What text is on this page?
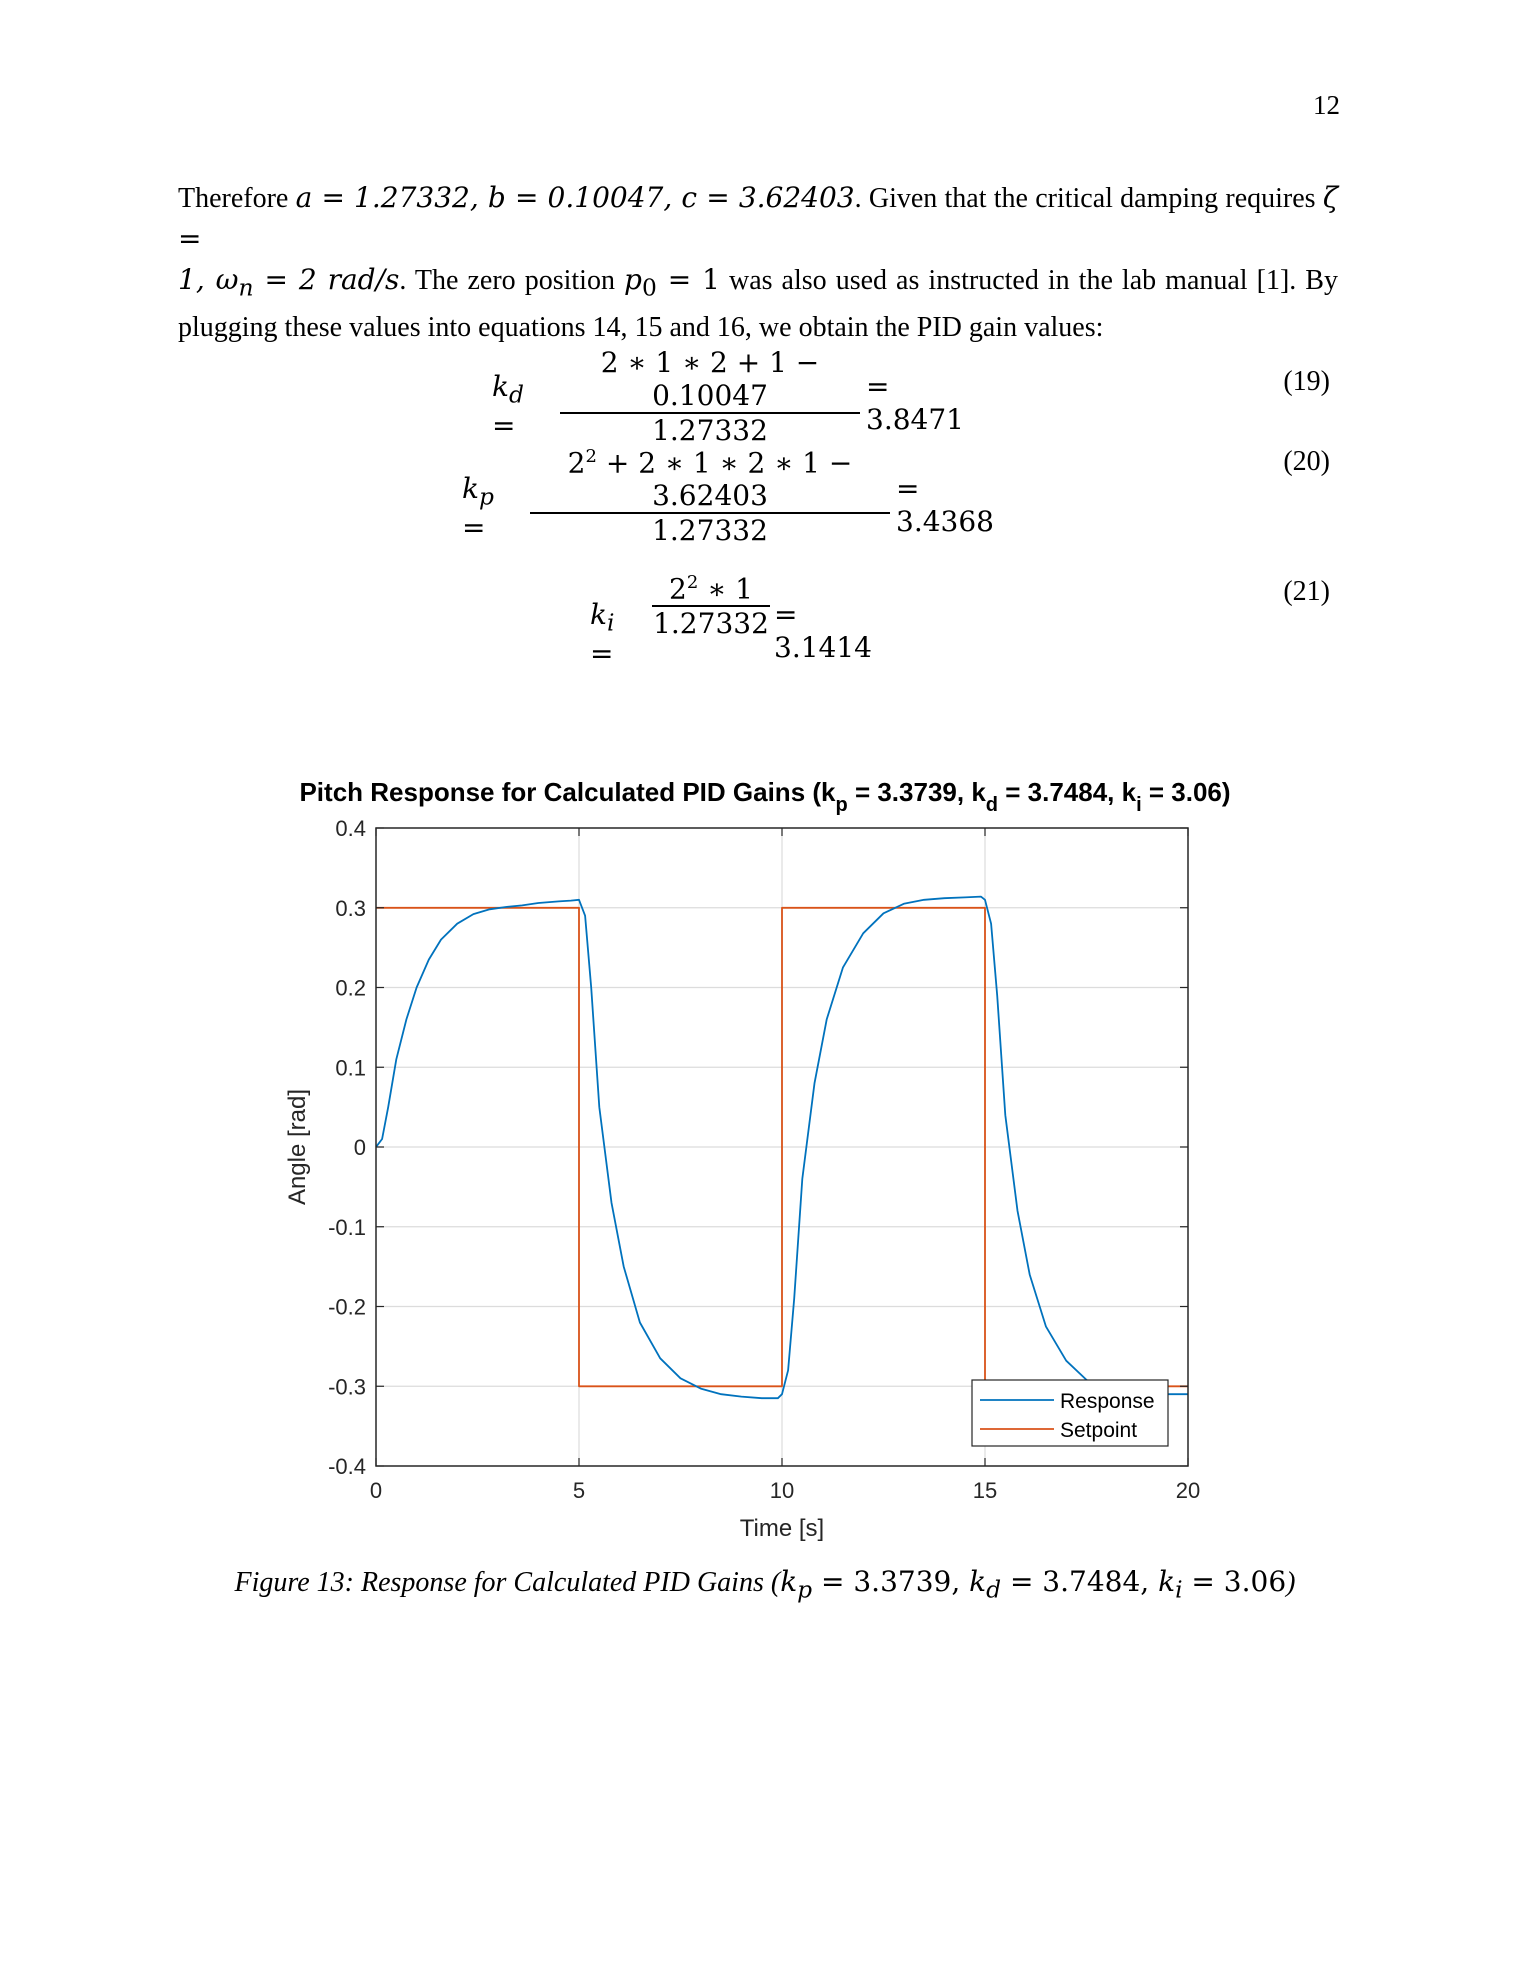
12
Therefore a = 1.27332, b = 0.10047, c = 3.62403. Given that the critical damping requires ζ =
1, $\omega_n = 2$ rad/s. The zero position $p_0 = 1$ was also used as instructed in the lab manual [1]. By
plugging these values into equations 14, 15 and 16, we obtain the PID gain values:
$k_d$ =
2 ∗ 1 ∗ 2 + 1 − 0.10047
1.27332
= 3.8471
(19)
$k_p$ =
$2^2 + 2$ ∗ 1 ∗ 2 ∗ 1 − 3.62403
1.27332
= 3.4368
(20)
$k_i$ =
$2^2$ ∗ 1
1.27332 = 3.1414
(21)
Pitch Response for Calculated PID Gains ($k_p = 3.3739$, $k_d = 3.7484$, $k_i = 3.06$)
0	5	10	15	20
-0.4
-0.3
-0.2
-0.1
0
0.1
0.2
0.3
0.4
Time [s]
Angle [rad]
Response
Setpoint
Figure 13: Response for Calculated PID Gains ($k_p = 3.3739$, $k_d = 3.7484$, $k_i = 3.06$)
